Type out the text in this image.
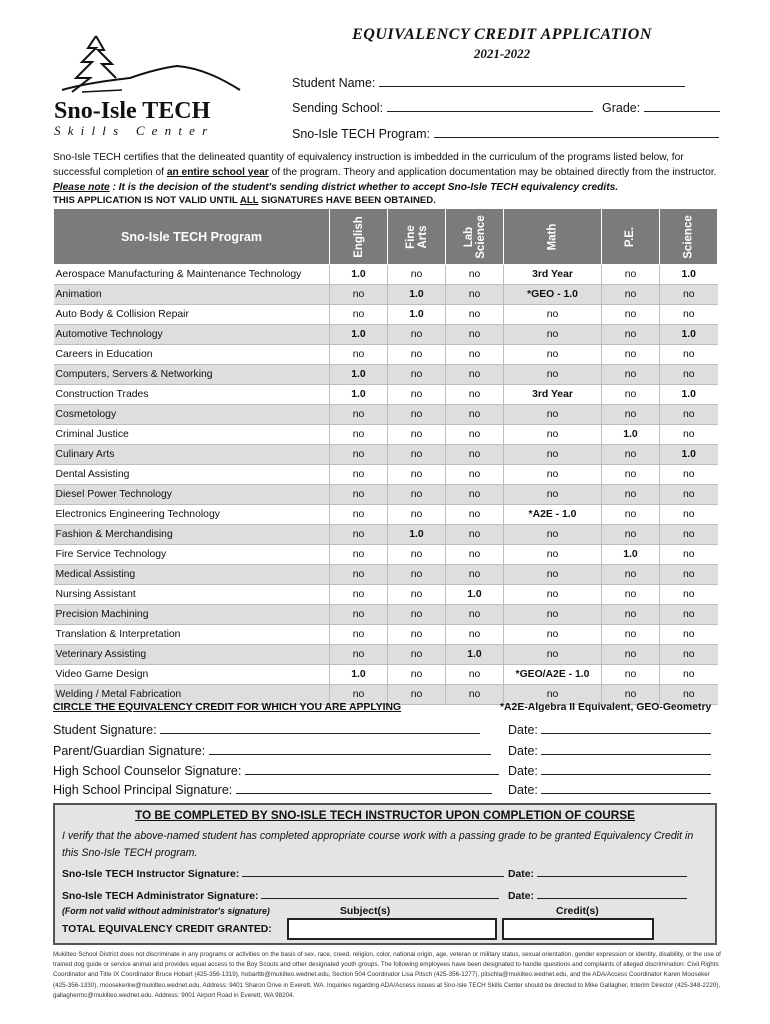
Sno-Isle TECH
Skills Center
EQUIVALENCY CREDIT APPLICATION
2021-2022
Student Name:
Sending School:	Grade:
Sno-Isle TECH Program:
Sno-Isle TECH certifies that the delineated quantity of equivalency instruction is imbedded in the curriculum of the programs listed below, for successful completion of an entire school year of the program. Theory and application documentation may be obtained directly from the instructor. Please note : It is the decision of the student's sending district whether to accept Sno-Isle TECH equivalency credits.
THIS APPLICATION IS NOT VALID UNTIL ALL SIGNATURES HAVE BEEN OBTAINED.
Sno-Isle TECH Program	English	Fine Arts	Lab Science	Math	P.E.	Science
Aerospace Manufacturing & Maintenance Technology	1.0	no	no	3rd Year	no	1.0
Animation	no	1.0	no	*GEO - 1.0	no	no
Auto Body & Collision Repair	no	1.0	no	no	no	no
Automotive Technology	1.0	no	no	no	no	1.0
Careers in Education	no	no	no	no	no	no
Computers, Servers & Networking	1.0	no	no	no	no	no
Construction Trades	1.0	no	no	3rd Year	no	1.0
Cosmetology	no	no	no	no	no	no
Criminal Justice	no	no	no	no	1.0	no
Culinary Arts	no	no	no	no	no	1.0
Dental Assisting	no	no	no	no	no	no
Diesel Power Technology	no	no	no	no	no	no
Electronics Engineering Technology	no	no	no	*A2E - 1.0	no	no
Fashion & Merchandising	no	1.0	no	no	no	no
Fire Service Technology	no	no	no	no	1.0	no
Medical Assisting	no	no	no	no	no	no
Nursing Assistant	no	no	1.0	no	no	no
Precision Machining	no	no	no	no	no	no
Translation & Interpretation	no	no	no	no	no	no
Veterinary Assisting	no	no	1.0	no	no	no
Video Game Design	1.0	no	no	*GEO/A2E - 1.0	no	no
Welding / Metal Fabrication	no	no	no	no	no	no
CIRCLE THE EQUIVALENCY CREDIT FOR WHICH YOU ARE APPLYING	*A2E-Algebra II Equivalent, GEO-Geometry
Student Signature:	Date:
Parent/Guardian Signature:	Date:
High School Counselor Signature:	Date:
High School Principal Signature:	Date:
TO BE COMPLETED BY SNO-ISLE TECH INSTRUCTOR UPON COMPLETION OF COURSE
I verify that the above-named student has completed appropriate course work with a passing grade to be granted Equivalency Credit in this Sno-Isle TECH program.
Sno-Isle TECH Instructor Signature:	Date:
Sno-Isle TECH Administrator Signature:	Date:
(Form not valid without administrator's signature)	Subject(s)	Credit(s)
TOTAL EQUIVALENCY CREDIT GRANTED:
Mukilteo School District does not discriminate in any programs or activities on the basis of sex, race, creed, religion, color, national origin, age, veteran or military status, sexual orientation, gender expression or identity, disability, or the use of trained dog guide or service animal and provides equal access to the Boy Scouts and other designated youth groups. The following employees have been designated to handle questions and complaints of alleged discrimination: Civil Rights Coordinator and Title IX Coordinator Bruce Hobart (425-356-1319), hobarttb@mukilteo.wednet.edu, Section 504 Coordinator Lisa Pitsch (425-356-1277), pitschla@mukilteo.wednet.edu, and the ADA/Access Coordinator Karen Mooseker (425-356-1330), moosekerkw@mukilteo.wednet.edu. Address: 9401 Sharon Drive in Everett, WA. Inquiries regarding ADA/Access issues at Sno-Isle TECH Skills Center should be directed to Mike Gallagher, Interim Director (425-348-2220), gallaghermc@mukilteo.wednet.edu. Address: 9001 Airport Road in Everett, WA 98204.
